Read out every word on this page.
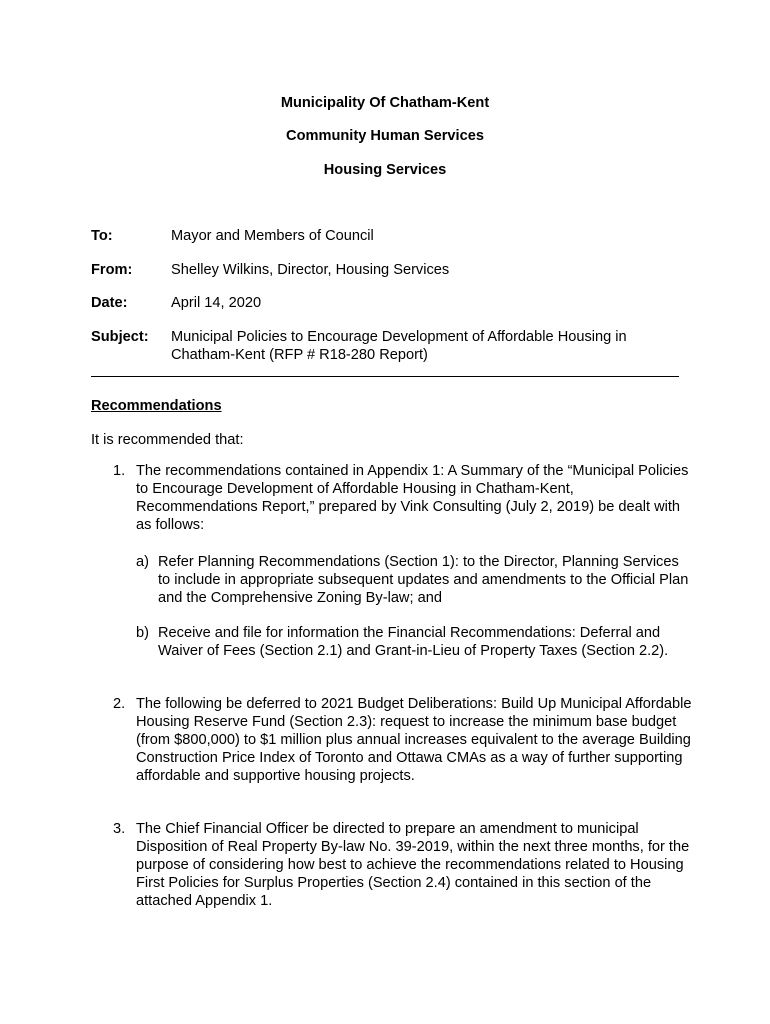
Municipality Of Chatham-Kent
Community Human Services
Housing Services
To:	Mayor and Members of Council
From:	Shelley Wilkins, Director, Housing Services
Date:	April 14, 2020
Subject: Municipal Policies to Encourage Development of Affordable Housing in Chatham-Kent (RFP # R18-280 Report)
Recommendations
It is recommended that:
1. The recommendations contained in Appendix 1: A Summary of the “Municipal Policies to Encourage Development of Affordable Housing in Chatham-Kent, Recommendations Report,” prepared by Vink Consulting (July 2, 2019) be dealt with as follows:
a) Refer Planning Recommendations (Section 1): to the Director, Planning Services to include in appropriate subsequent updates and amendments to the Official Plan and the Comprehensive Zoning By-law; and
b) Receive and file for information the Financial Recommendations: Deferral and Waiver of Fees (Section 2.1) and Grant-in-Lieu of Property Taxes (Section 2.2).
2. The following be deferred to 2021 Budget Deliberations: Build Up Municipal Affordable Housing Reserve Fund (Section 2.3): request to increase the minimum base budget (from $800,000) to $1 million plus annual increases equivalent to the average Building Construction Price Index of Toronto and Ottawa CMAs as a way of further supporting affordable and supportive housing projects.
3. The Chief Financial Officer be directed to prepare an amendment to municipal Disposition of Real Property By-law No. 39-2019, within the next three months, for the purpose of considering how best to achieve the recommendations related to Housing First Policies for Surplus Properties (Section 2.4) contained in this section of the attached Appendix 1.
